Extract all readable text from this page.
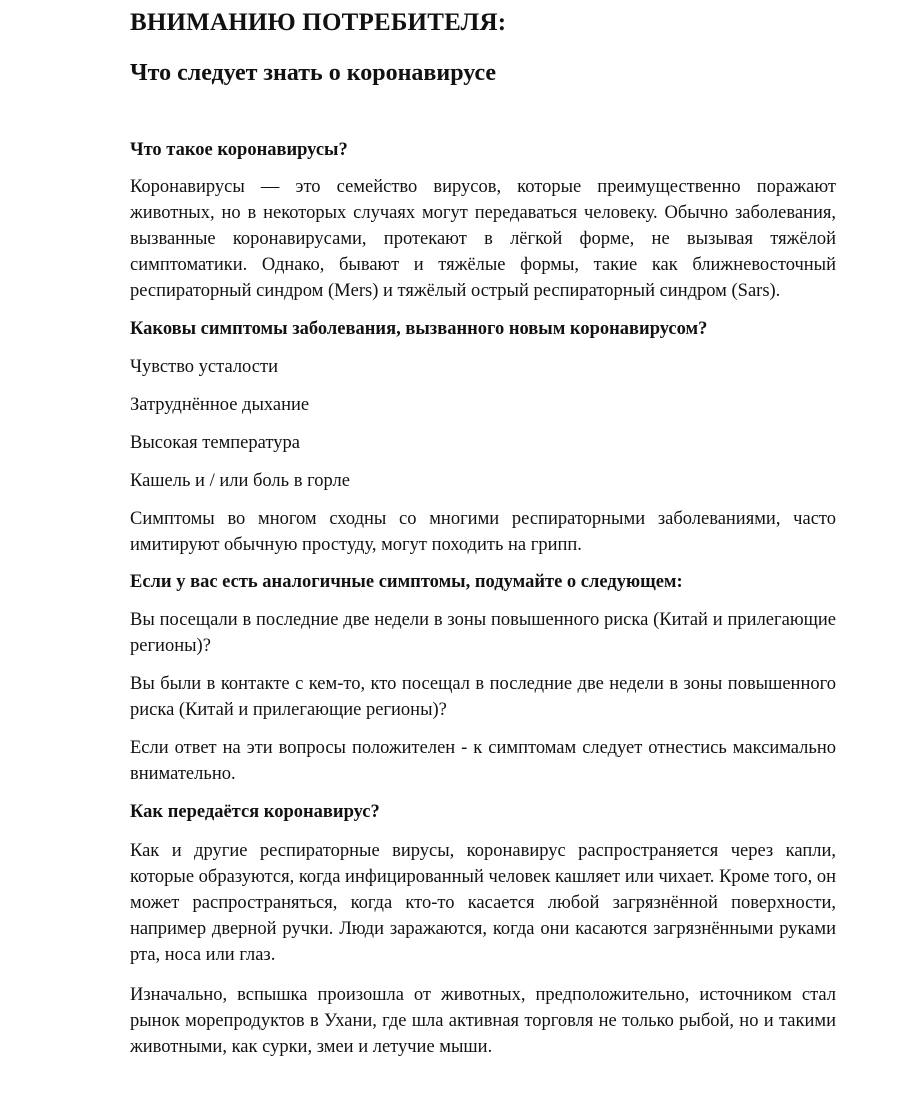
ВНИМАНИЮ ПОТРЕБИТЕЛЯ:
Что следует знать о коронавирусе
Что такое коронавирусы?

Коронавирусы — это семейство вирусов, которые преимущественно поражают животных, но в некоторых случаях могут передаваться человеку. Обычно заболевания, вызванные коронавирусами, протекают в лёгкой форме, не вызывая тяжёлой симптоматики. Однако, бывают и тяжёлые формы, такие как ближневосточный респираторный синдром (Mers) и тяжёлый острый респираторный синдром (Sars).

Каковы симптомы заболевания, вызванного новым коронавирусом?

Чувство усталости

Затруднённое дыхание

Высокая температура

Кашель и / или боль в горле

Симптомы во многом сходны со многими респираторными заболеваниями, часто имитируют обычную простуду, могут походить на грипп.

Если у вас есть аналогичные симптомы, подумайте о следующем:

Вы посещали в последние две недели в зоны повышенного риска (Китай и прилегающие регионы)?

Вы были в контакте с кем-то, кто посещал в последние две недели в зоны повышенного риска (Китай и прилегающие регионы)?

Если ответ на эти вопросы положителен - к симптомам следует отнестись максимально внимательно.

Как передаётся коронавирус?

Как и другие респираторные вирусы, коронавирус распространяется через капли, которые образуются, когда инфицированный человек кашляет или чихает. Кроме того, он может распространяться, когда кто-то касается любой загрязнённой поверхности, например дверной ручки. Люди заражаются, когда они касаются загрязнёнными руками рта, носа или глаз.

Изначально, вспышка произошла от животных, предположительно, источником стал рынок морепродуктов в Ухани, где шла активная торговля не только рыбой, но и такими животными, как сурки, змеи и летучие мыши.
